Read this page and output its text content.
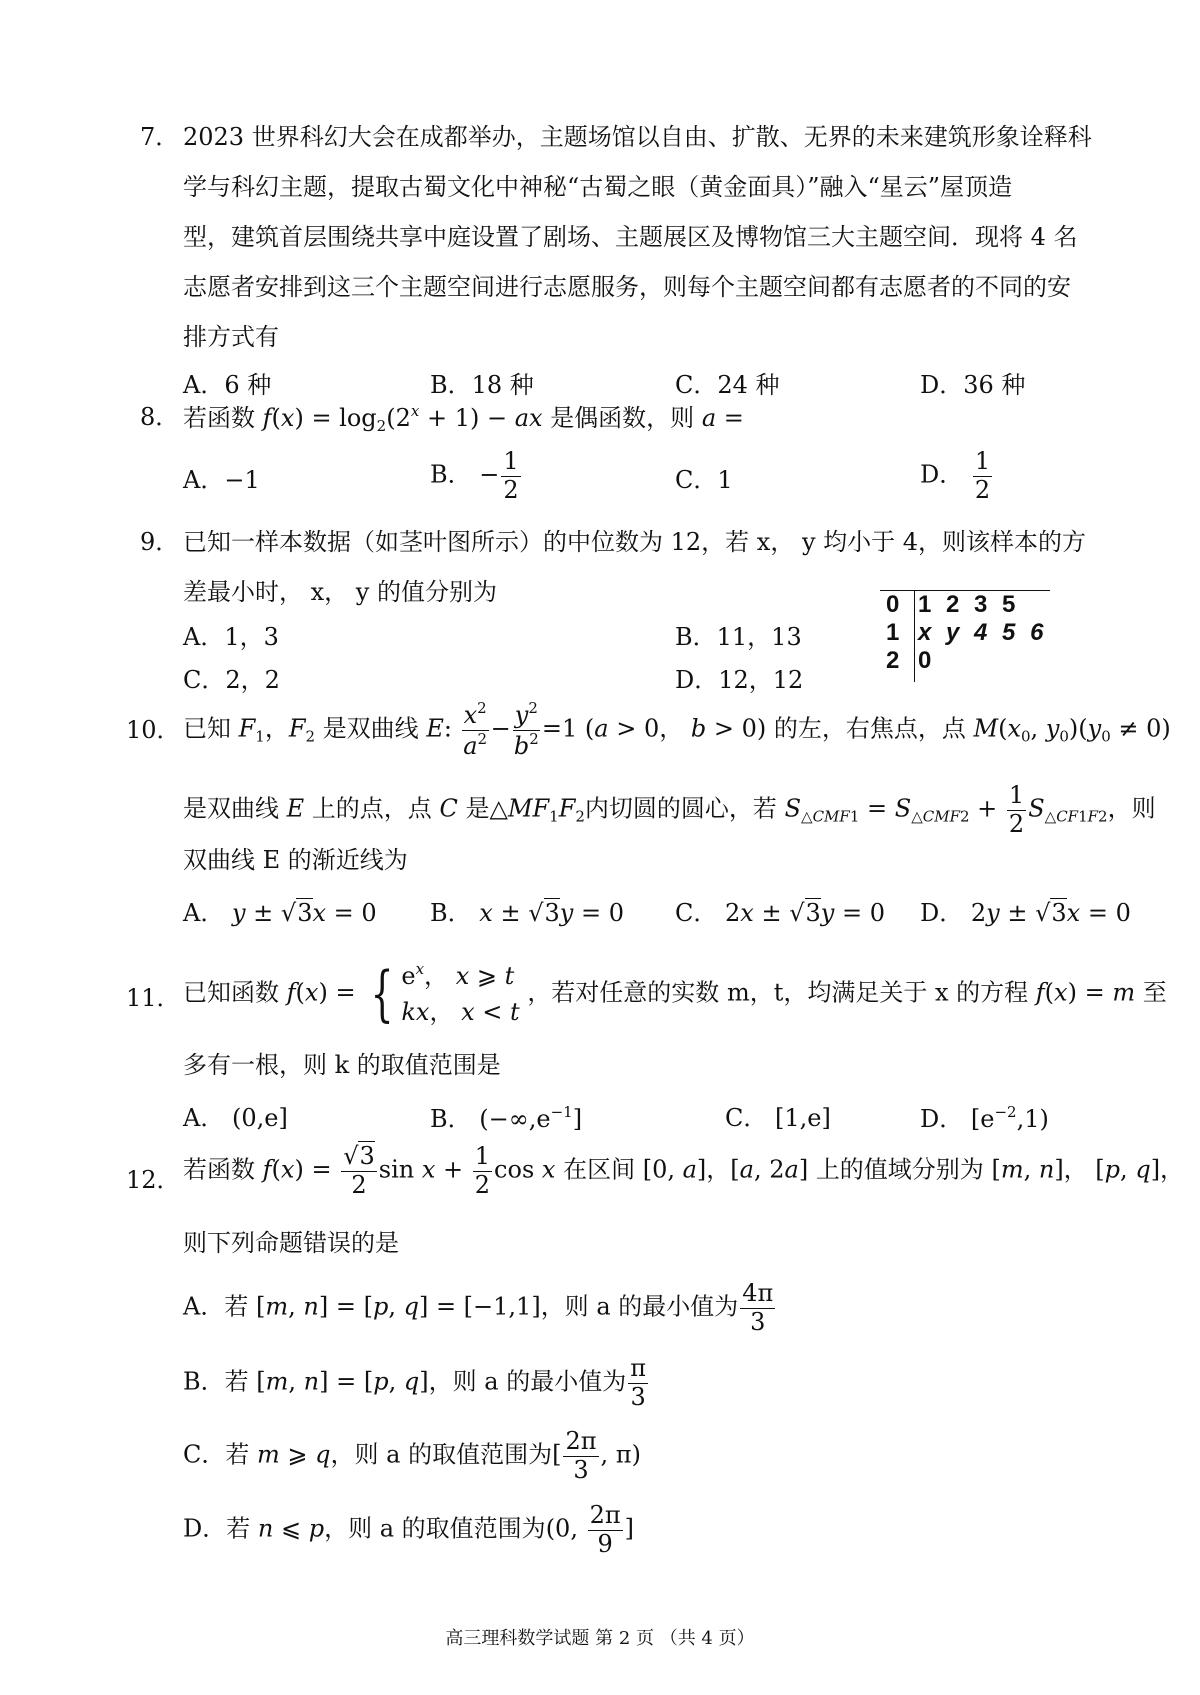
7． 2023 世界科幻大会在成都举办，主题场馆以自由、扩散、无界的未来建筑形象诠释科
学与科幻主题，提取古蜀文化中神秘“古蜀之眼（黄金面具）”融入“星云”屋顶造
型，建筑首层围绕共享中庭设置了剧场、主题展区及博物馆三大主题空间．现将 4 名
志愿者安排到这三个主题空间进行志愿服务，则每个主题空间都有志愿者的不同的安
排方式有
A．6 种	B．18 种	C．24 种	D．36 种
8． 若函数 $f(x) = \log_2(2^x + 1)$ − ax 是偶函数，则 a =
A．−1	B． − $\frac{1}{2}$	C．1	D． $\frac{1}{2}$
9． 已知一样本数据（如茎叶图所示）的中位数为 12，若 x， y 均小于 4，则该样本的方
差最小时， x， y 的值分别为
A．1，3	B．11，13
C．2，2	D．12，12
0 1 2 3 5
1 x y 4 5 6
2 0
10． 已知 $F_1$，$F_2$ 是双曲线 E: $\frac{x^2}{a^2} - \frac{y^2}{b^2} =1$ (a > 0， b > 0) 的左，右焦点，点 $M(x_0$, $y_0)(y_0 \ne 0)$
是双曲线 E 上的点，点 C 是$\triangle MF_1F_2$内切圆的圆心，若 $S_{\triangle CMF1} = S_{\triangle CMF2} + \frac{1}{2} S_{\triangle CF1F2}$，则
双曲线 E 的渐近线为
A． y ± √3x = 0 B． x ± √3y = 0 C． 2x ± √3y = 0 D． 2y ± √3x = 0
11． 已知函数 f(x) = { $e^x$， x ⩾ t
kx， x < t ，若对任意的实数 m，t，均满足关于 x 的方程 f(x) = m 至
多有一根，则 k 的取值范围是
A． (0,e]	B． $(-\infty,e^{-1}]$	C． [1,e]	D． $[e^{-2},1)$
12． 若函数 $f(x) = \frac{√3}{2}$ $\sin x + \frac{1}{2}$ cos x 在区间 [0, a]，[a, 2a] 上的值域分别为 [m, n]， [p, q]，
则下列命题错误的是
A．若 [m, n] = [p, q] = [−1,1]，则 a 的最小值为 $\frac{4\pi}{3}$
B．若 [m, n] = [p, q]，则 a 的最小值为 $\frac{\pi}{3}$
C．若 m ⩾ q，则 a 的取值范围为[ $\frac{2\pi}{3}$ , π)
D．若 n ⩽ p，则 a 的取值范围为(0, $\frac{2\pi}{9}$ ]
高三理科数学试题 第 2 页 （共 4 页）
